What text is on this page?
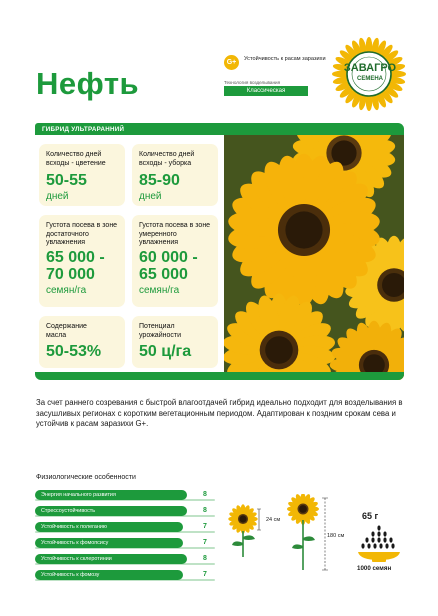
Нефть
G+	Устойчивость к расам заразихи
Технология возделывания
Классическая
ЗАВАГРО
СЕМЕНА
ГИБРИД УЛЬТРАРАННИЙ
Количество дней всходы - цветение
50-55
дней
Количество дней всходы - уборка
85-90
дней
Густота посева в зоне достаточного увлажнения
65 000 -
70 000
семян/га
Густота посева в зоне умеренного увлажнения
60 000 -
65 000
семян/га
Содержание масла
50-53%
Потенциал урожайности
50 ц/га
За счет раннего созревания с быстрой влагоотдачей гибрид идеально подходит для возделывания в засушливых регионах с коротким вегетационным периодом. Адаптирован к поздним срокам сева и устойчив к расам заразихи G+.
Физиологические особенности
Энергия начального развития	8
Стрессоустойчивость	8
Устойчивость к полеганию	7
Устойчивость к фомопсису	7
Устойчивость к склеротинии	8
Устойчивость к фомозу	7
24 см
180 см
65 г
1000 семян
